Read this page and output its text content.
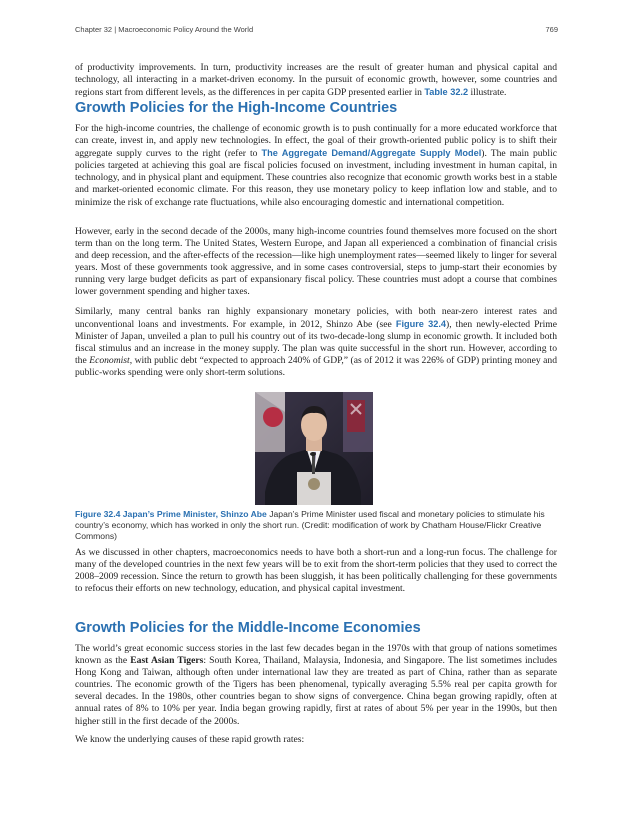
Chapter 32 | Macroeconomic Policy Around the World	769

of productivity improvements. In turn, productivity increases are the result of greater human and physical capital and technology, all interacting in a market-driven economy. In the pursuit of economic growth, however, some countries and regions start from different levels, as the differences in per capita GDP presented earlier in Table 32.2 illustrate.

Growth Policies for the High-Income Countries

For the high-income countries, the challenge of economic growth is to push continually for a more educated workforce that can create, invest in, and apply new technologies. In effect, the goal of their growth-oriented public policy is to shift their aggregate supply curves to the right (refer to The Aggregate Demand/Aggregate Supply Model). The main public policies targeted at achieving this goal are fiscal policies focused on investment, including investment in human capital, in technology, and in physical plant and equipment. These countries also recognize that economic growth works best in a stable and market-oriented economic climate. For this reason, they use monetary policy to keep inflation low and stable, and to minimize the risk of exchange rate fluctuations, while also encouraging domestic and international competition.

However, early in the second decade of the 2000s, many high-income countries found themselves more focused on the short term than on the long term. The United States, Western Europe, and Japan all experienced a combination of financial crisis and deep recession, and the after-effects of the recession—like high unemployment rates—seemed likely to linger for several years. Most of these governments took aggressive, and in some cases controversial, steps to jump-start their economies by running very large budget deficits as part of expansionary fiscal policy. These countries must adopt a course that combines lower government spending and higher taxes.

Similarly, many central banks ran highly expansionary monetary policies, with both near-zero interest rates and unconventional loans and investments. For example, in 2012, Shinzo Abe (see Figure 32.4), then newly-elected Prime Minister of Japan, unveiled a plan to pull his country out of its two-decade-long slump in economic growth. It included both fiscal stimulus and an increase in the money supply. The plan was quite successful in the short run. However, according to the Economist, with public debt “expected to approach 240% of GDP,” (as of 2012 it was 226% of GDP) printing money and public-works spending were only short-term solutions.

Figure 32.4 Japan’s Prime Minister, Shinzo Abe Japan’s Prime Minister used fiscal and monetary policies to stimulate his country’s economy, which has worked in only the short run. (Credit: modification of work by Chatham House/Flickr Creative Commons)

As we discussed in other chapters, macroeconomics needs to have both a short-run and a long-run focus. The challenge for many of the developed countries in the next few years will be to exit from the short-term policies that they used to correct the 2008–2009 recession. Since the return to growth has been sluggish, it has been politically challenging for these governments to refocus their efforts on new technology, education, and physical capital investment.

Growth Policies for the Middle-Income Economies

The world’s great economic success stories in the last few decades began in the 1970s with that group of nations sometimes known as the East Asian Tigers: South Korea, Thailand, Malaysia, Indonesia, and Singapore. The list sometimes includes Hong Kong and Taiwan, although often under international law they are treated as part of China, rather than as separate countries. The economic growth of the Tigers has been phenomenal, typically averaging 5.5% real per capita growth for several decades. In the 1980s, other countries began to show signs of convergence. China began growing rapidly, often at annual rates of 8% to 10% per year. India began growing rapidly, first at rates of about 5% per year in the 1990s, but then higher still in the first decade of the 2000s.

We know the underlying causes of these rapid growth rates:
